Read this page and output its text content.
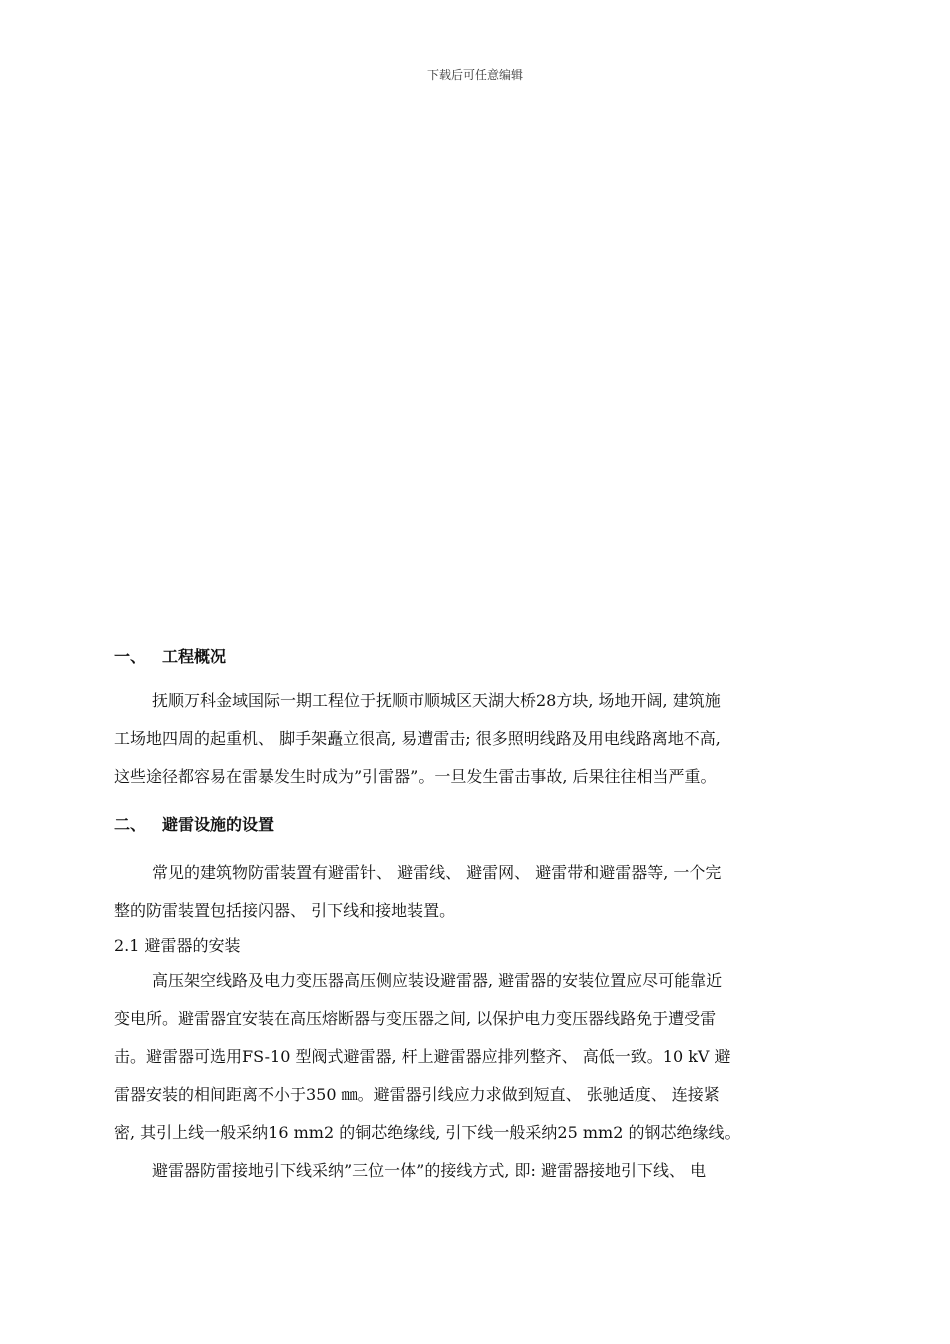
下载后可任意编辑
一、 工程概况

抚顺万科金域国际一期工程位于抚顺市顺城区天湖大桥28方块, 场地开阔, 建筑施
工场地四周的起重机、 脚手架矗立很高, 易遭雷击; 很多照明线路及用电线路离地不高,
这些途径都容易在雷暴发生时成为”引雷器”。一旦发生雷击事故, 后果往往相当严重。

二、 避雷设施的设置

常见的建筑物防雷装置有避雷针、 避雷线、 避雷网、 避雷带和避雷器等, 一个完
整的防雷装置包括接闪器、 引下线和接地装置。

2.1 避雷器的安装

高压架空线路及电力变压器高压侧应装设避雷器, 避雷器的安装位置应尽可能靠近
变电所。避雷器宜安装在高压熔断器与变压器之间, 以保护电力变压器线路免于遭受雷
击。避雷器可选用FS-10 型阀式避雷器, 杆上避雷器应排列整齐、 高低一致。10 kV 避
雷器安装的相间距离不小于350 ㎜。避雷器引线应力求做到短直、 张驰适度、 连接紧
密, 其引上线一般采纳16 mm2 的铜芯绝缘线, 引下线一般采纳25 mm2 的钢芯绝缘线。

避雷器防雷接地引下线采纳”三位一体”的接线方式, 即: 避雷器接地引下线、 电
